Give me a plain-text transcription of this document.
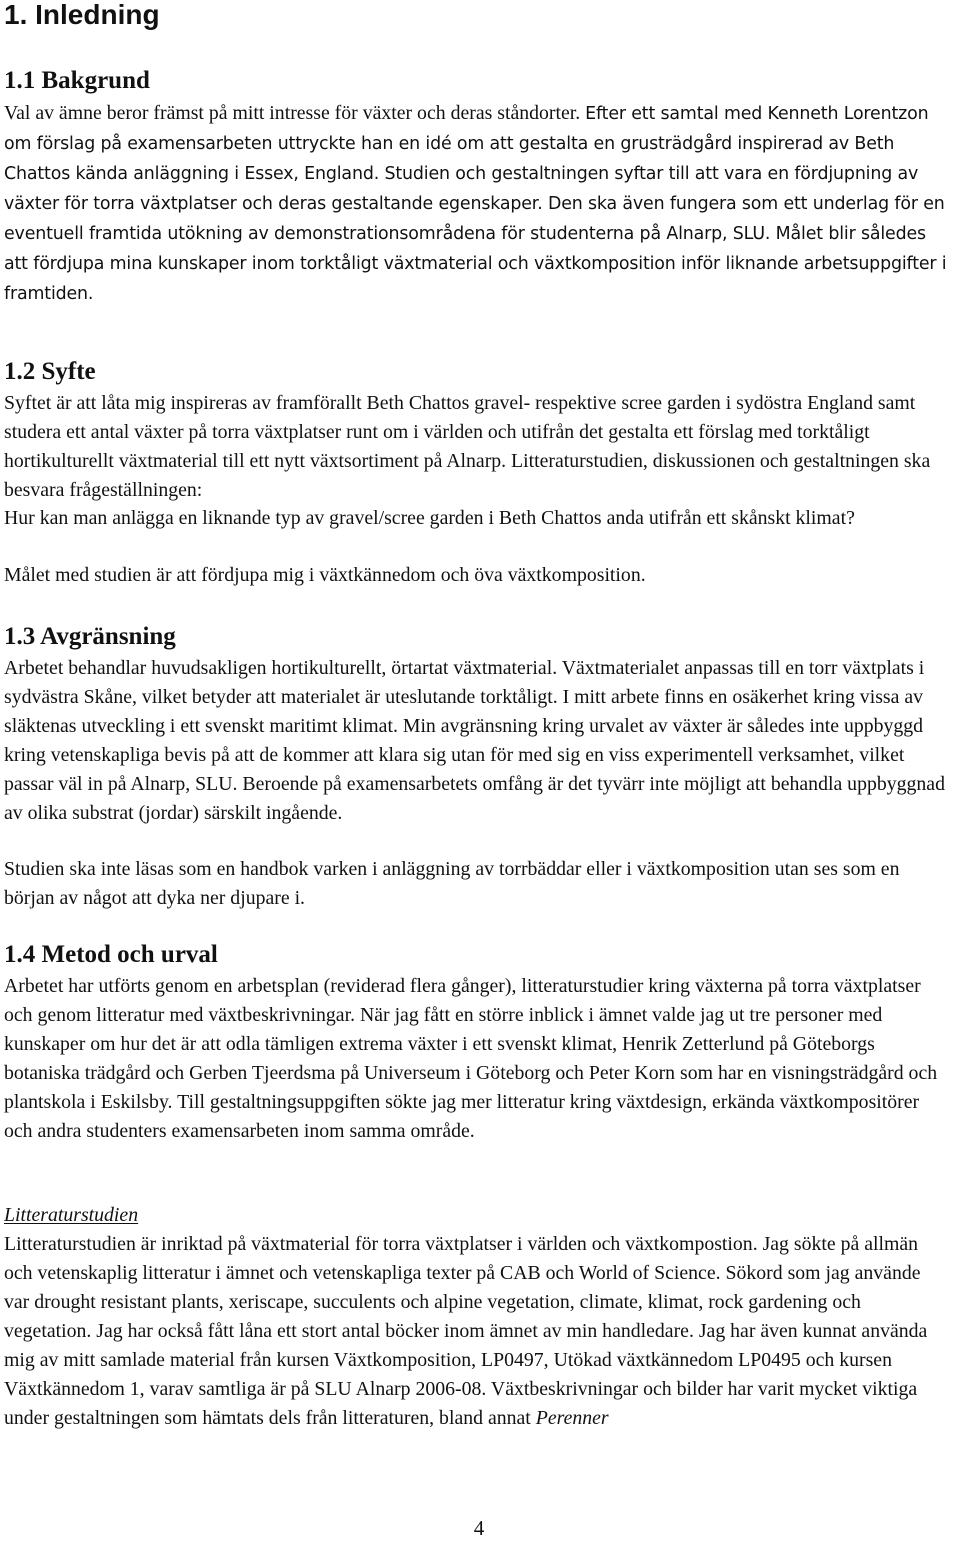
1. Inledning
1.1 Bakgrund

Val av ämne beror främst på mitt intresse för växter och deras ståndorter. Efter ett samtal med Kenneth Lorentzon om förslag på examensarbeten uttryckte han en idé om att gestalta en grusträdgård inspirerad av Beth Chattos kända anläggning i Essex, England. Studien och gestaltningen syftar till att vara en fördjupning av växter för torra växtplatser och deras gestaltande egenskaper. Den ska även fungera som ett underlag för en eventuell framtida utökning av demonstrationsområdena för studenterna på Alnarp, SLU. Målet blir således att fördjupa mina kunskaper inom torktåligt växtmaterial och växtkomposition inför liknande arbetsuppgifter i framtiden.

1.2 Syfte

Syftet är att låta mig inspireras av framförallt Beth Chattos gravel- respektive scree garden i sydöstra England samt studera ett antal växter på torra växtplatser runt om i världen och utifrån det gestalta ett förslag med torktåligt hortikulturellt växtmaterial till ett nytt växtsortiment på Alnarp. Litteraturstudien, diskussionen och gestaltningen ska besvara frågeställningen:

Hur kan man anlägga en liknande typ av gravel/scree garden i Beth Chattos anda utifrån ett skånskt klimat?

Målet med studien är att fördjupa mig i växtkännedom och öva växtkomposition.

1.3 Avgränsning

Arbetet behandlar huvudsakligen hortikulturellt, örtartat växtmaterial. Växtmaterialet anpassas till en torr växtplats i sydvästra Skåne, vilket betyder att materialet är uteslutande torktåligt. I mitt arbete finns en osäkerhet kring vissa av släktenas utveckling i ett svenskt maritimt klimat. Min avgränsning kring urvalet av växter är således inte uppbyggd kring vetenskapliga bevis på att de kommer att klara sig utan för med sig en viss experimentell verksamhet, vilket passar väl in på Alnarp, SLU. Beroende på examensarbetets omfång är det tyvärr inte möjligt att behandla uppbyggnad av olika substrat (jordar) särskilt ingående.

Studien ska inte läsas som en handbok varken i anläggning av torrbäddar eller i växtkomposition utan ses som en början av något att dyka ner djupare i.

1.4 Metod och urval

Arbetet har utförts genom en arbetsplan (reviderad flera gånger), litteraturstudier kring växterna på torra växtplatser och genom litteratur med växtbeskrivningar. När jag fått en större inblick i ämnet valde jag ut tre personer med kunskaper om hur det är att odla tämligen extrema växter i ett svenskt klimat, Henrik Zetterlund på Göteborgs botaniska trädgård och Gerben Tjeerdsma på Universeum i Göteborg och Peter Korn som har en visningsträdgård och plantskola i Eskilsby. Till gestaltningsuppgiften sökte jag mer litteratur kring växtdesign, erkända växtkompositörer och andra studenters examensarbeten inom samma område.

Litteraturstudien

Litteraturstudien är inriktad på växtmaterial för torra växtplatser i världen och växtkompostion. Jag sökte på allmän och vetenskaplig litteratur i ämnet och vetenskapliga texter på CAB och World of Science. Sökord som jag använde var drought resistant plants, xeriscape, succulents och alpine vegetation, climate, klimat, rock gardening och vegetation. Jag har också fått låna ett stort antal böcker inom ämnet av min handledare. Jag har även kunnat använda mig av mitt samlade material från kursen Växtkomposition, LP0497, Utökad växtkännedom LP0495 och kursen Växtkännedom 1, varav samtliga är på SLU Alnarp 2006-08. Växtbeskrivningar och bilder har varit mycket viktiga under gestaltningen som hämtats dels från litteraturen, bland annat Perenner

4
